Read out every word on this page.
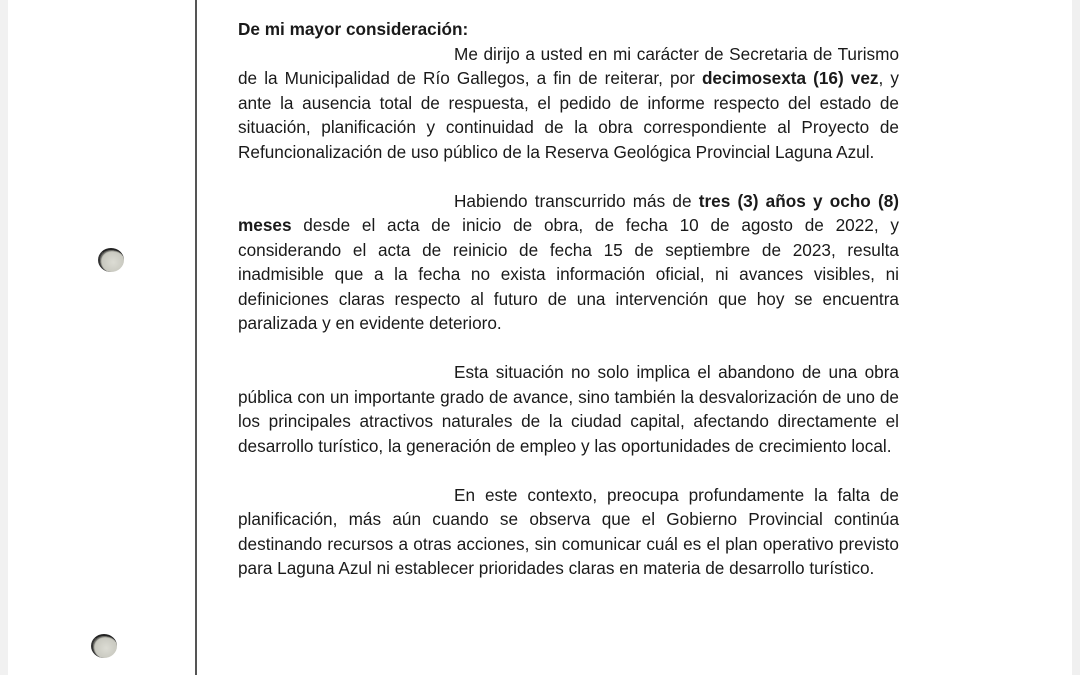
De mi mayor consideración:

Me dirijo a usted en mi carácter de Secretaria de Turismo de la Municipalidad de Río Gallegos, a fin de reiterar, por decimosexta (16) vez, y ante la ausencia total de respuesta, el pedido de informe respecto del estado de situación, planificación y continuidad de la obra correspondiente al Proyecto de Refuncionalización de uso público de la Reserva Geológica Provincial Laguna Azul.

Habiendo transcurrido más de tres (3) años y ocho (8) meses desde el acta de inicio de obra, de fecha 10 de agosto de 2022, y considerando el acta de reinicio de fecha 15 de septiembre de 2023, resulta inadmisible que a la fecha no exista información oficial, ni avances visibles, ni definiciones claras respecto al futuro de una intervención que hoy se encuentra paralizada y en evidente deterioro.

Esta situación no solo implica el abandono de una obra pública con un importante grado de avance, sino también la desvalorización de uno de los principales atractivos naturales de la ciudad capital, afectando directamente el desarrollo turístico, la generación de empleo y las oportunidades de crecimiento local.

En este contexto, preocupa profundamente la falta de planificación, más aún cuando se observa que el Gobierno Provincial continúa destinando recursos a otras acciones, sin comunicar cuál es el plan operativo previsto para Laguna Azul ni establecer prioridades claras en materia de desarrollo turístico.
